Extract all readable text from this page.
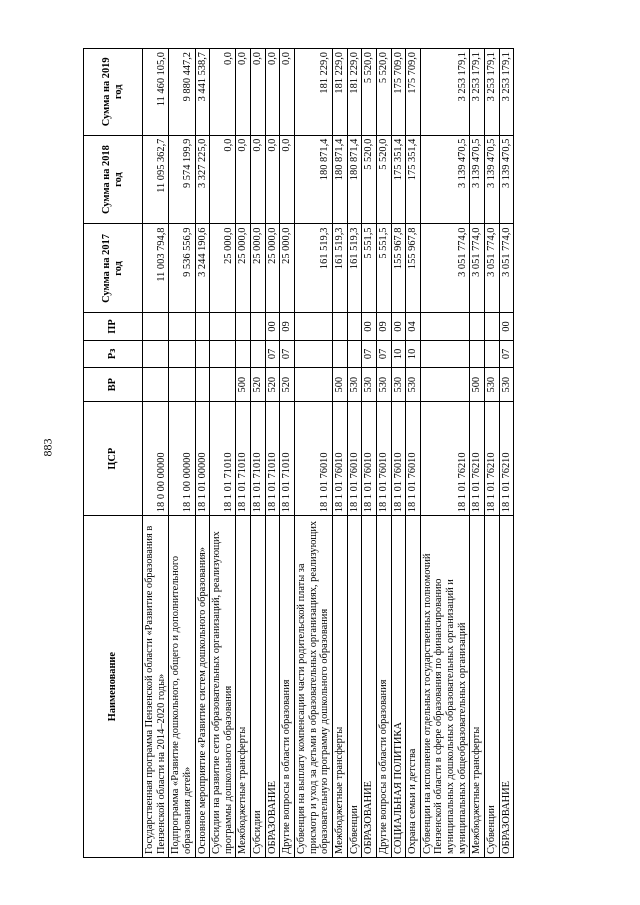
883
Наименование	ЦСР	ВР	Рз	ПР	Сумма на 2017 год	Сумма на 2018 год	Сумма на 2019 год
Государственная программа Пензенской области «Развитие образования в Пензенской области на 2014–2020 годы»	18 0 00 00000				11 003 794,8	11 095 362,7	11 460 105,0
Подпрограмма «Развитие дошкольного, общего и дополнительного образования детей»	18 1 00 00000				9 536 556,9	9 574 199,9	9 880 447,2
Основное мероприятие «Развитие систем дошкольного образования»	18 1 01 00000				3 244 190,6	3 327 225,0	3 441 538,7
Субсидии на развитие сети образовательных организаций, реализующих программы дошкольного образования	18 1 01 71010				25 000,0	0,0	0,0
Межбюджетные трансферты	18 1 01 71010	500			25 000,0	0,0	0,0
Субсидии	18 1 01 71010	520			25 000,0	0,0	0,0
ОБРАЗОВАНИЕ	18 1 01 71010	520	07	00	25 000,0	0,0	0,0
Другие вопросы в области образования	18 1 01 71010	520	07	09	25 000,0	0,0	0,0
Субвенция на выплату компенсации части родительской платы за присмотр и уход за детьми в образовательных организациях, реализующих образовательную программу дошкольного образования	18 1 01 76010				161 519,3	180 871,4	181 229,0
Межбюджетные трансферты	18 1 01 76010	500			161 519,3	180 871,4	181 229,0
Субвенции	18 1 01 76010	530			161 519,3	180 871,4	181 229,0
ОБРАЗОВАНИЕ	18 1 01 76010	530	07	00	5 551,5	5 520,0	5 520,0
Другие вопросы в области образования	18 1 01 76010	530	07	09	5 551,5	5 520,0	5 520,0
СОЦИАЛЬНАЯ ПОЛИТИКА	18 1 01 76010	530	10	00	155 967,8	175 351,4	175 709,0
Охрана семьи и детства	18 1 01 76010	530	10	04	155 967,8	175 351,4	175 709,0
Субвенции на исполнение отдельных государственных полномочий Пензенской области в сфере образования по финансированию муниципальных дошкольных образовательных организаций и муниципальных общеобразовательных организаций	18 1 01 76210				3 051 774,0	3 139 470,5	3 253 179,1
Межбюджетные трансферты	18 1 01 76210	500			3 051 774,0	3 139 470,5	3 253 179,1
Субвенции	18 1 01 76210	530			3 051 774,0	3 139 470,5	3 253 179,1
ОБРАЗОВАНИЕ	18 1 01 76210	530	07	00	3 051 774,0	3 139 470,5	3 253 179,1
